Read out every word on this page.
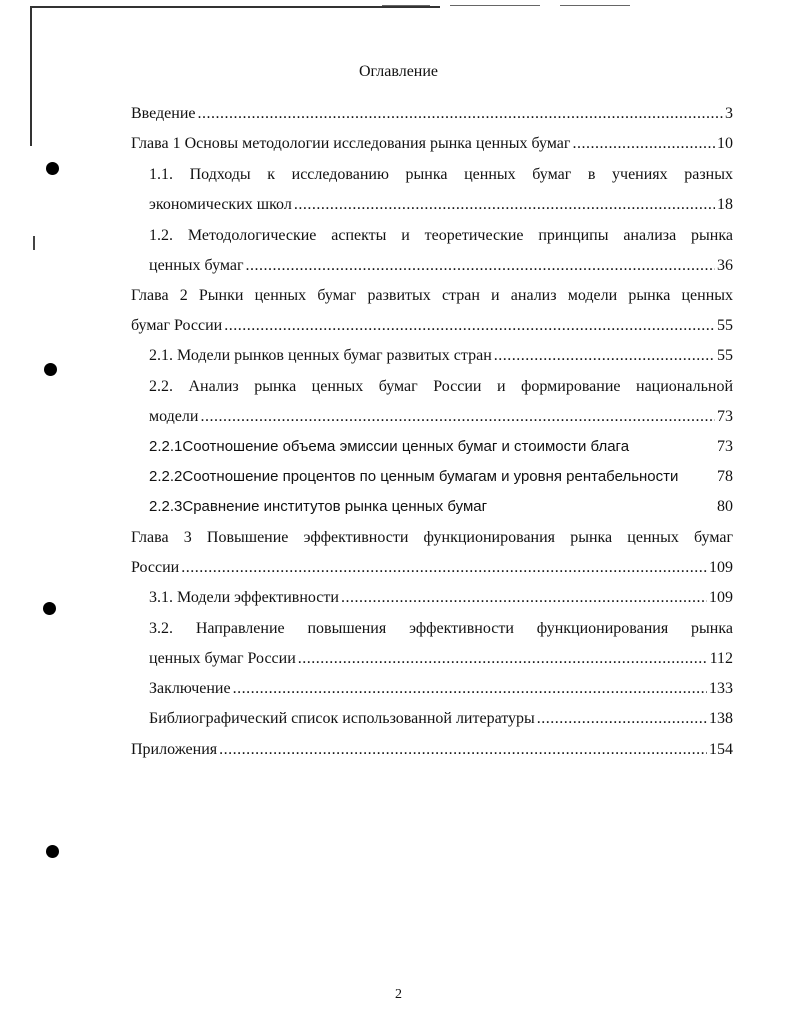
Оглавление
Введение .....	3
Глава 1 Основы методологии исследования рынка ценных бумаг .....	10
1.1. Подходы к исследованию рынка ценных бумаг в учениях разных
экономических школ .....	18
1.2. Методологические аспекты и теоретические принципы анализа рынка
ценных бумаг .....	36
Глава 2 Рынки ценных бумаг развитых стран и анализ модели рынка ценных
бумаг России .....	55
2.1. Модели рынков ценных бумаг развитых стран .....	55
2.2. Анализ рынка ценных бумаг России и формирование национальной
модели .....	73
2.2.1Соотношение объема эмиссии ценных бумаг и стоимости блага	73
2.2.2Соотношение процентов по ценным бумагам и уровня рентабельности 78
2.2.3Сравнение институтов рынка ценных бумаг	80
Глава 3 Повышение эффективности функционирования рынка ценных бумаг
России .....	109
3.1. Модели эффективности .....	109
3.2. Направление повышения эффективности функционирования рынка
ценных бумаг России .....	112
Заключение .....	133
Библиографический список использованной литературы .....	138
Приложения .....	154
2
